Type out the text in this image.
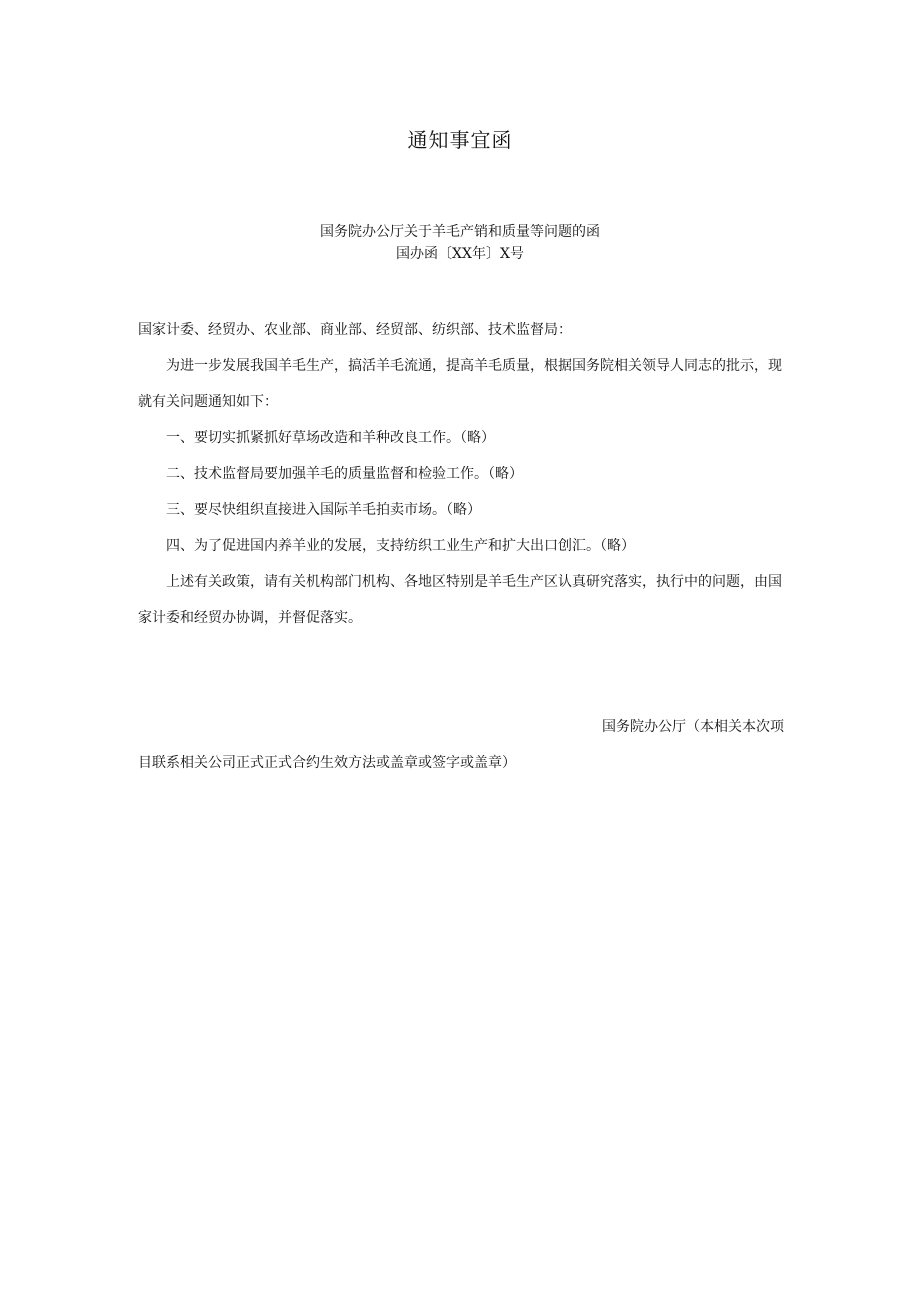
通知事宜函
国务院办公厅关于羊毛产销和质量等问题的函
国办函〔XX年〕X号

国家计委、经贸办、农业部、商业部、经贸部、纺织部、技术监督局：

为进一步发展我国羊毛生产，搞活羊毛流通，提高羊毛质量，根据国务院相关领导人同志的批示，现就有关问题通知如下：

一、要切实抓紧抓好草场改造和羊种改良工作。（略）

二、技术监督局要加强羊毛的质量监督和检验工作。（略）

三、要尽快组织直接进入国际羊毛拍卖市场。（略）

四、为了促进国内养羊业的发展，支持纺织工业生产和扩大出口创汇。（略）

上述有关政策，请有关机构部门机构、各地区特别是羊毛生产区认真研究落实，执行中的问题，由国家计委和经贸办协调，并督促落实。

国务院办公厅（本相关本次项
目联系相关公司正式正式合约生效方法或盖章或签字或盖章）
